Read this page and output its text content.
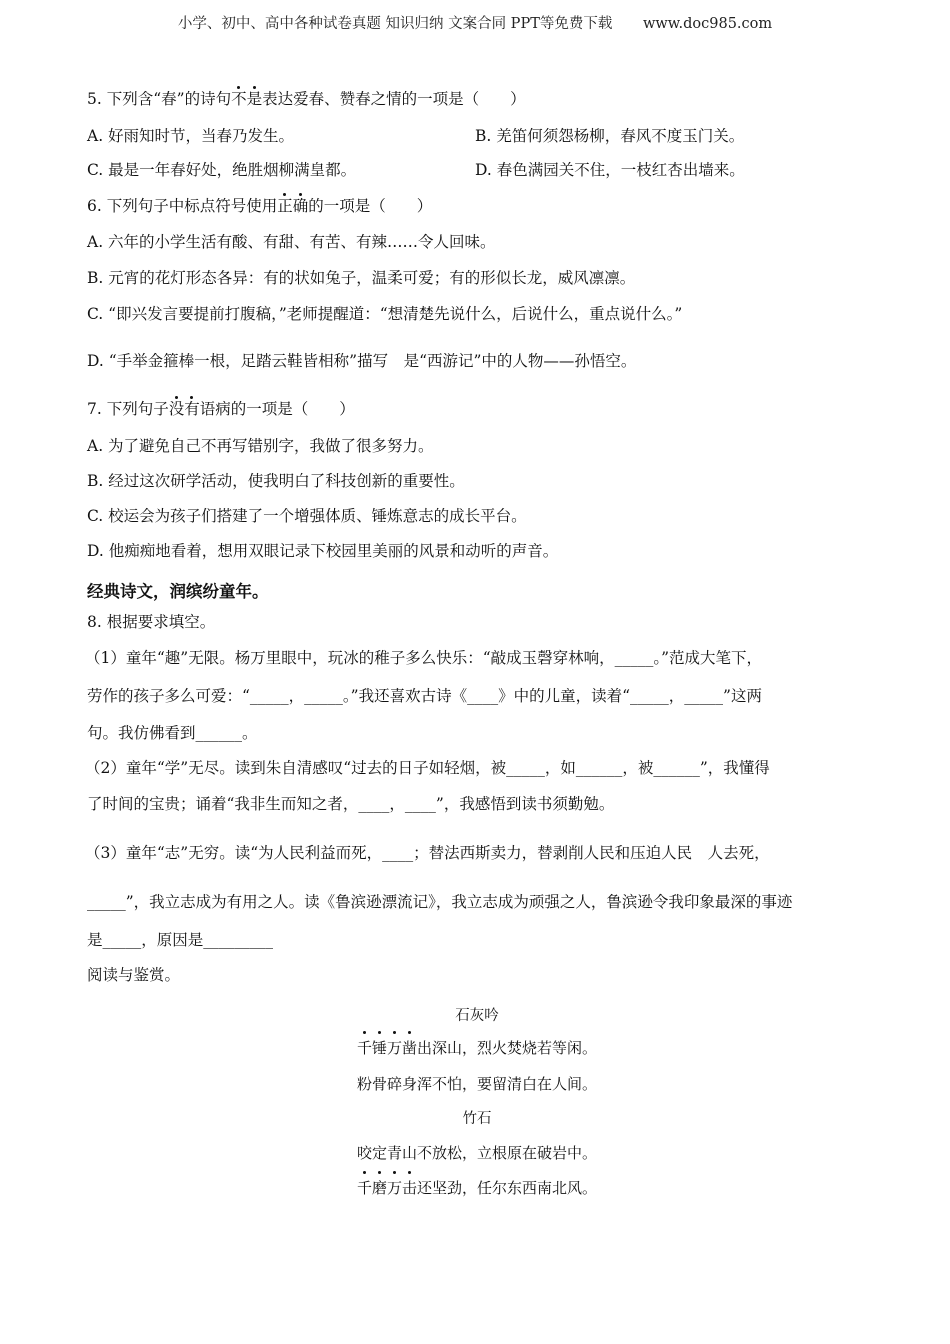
小学、初中、高中各种试卷真题 知识归纳 文案合同 PPT等免费下载 www.doc985.com
5. 下列含“春”的诗句不是表达爱春、赞春之情的一项是（　　）
A. 好雨知时节，当春乃发生。	B. 羌笛何须怨杨柳，春风不度玉门关。
C. 最是一年春好处，绝胜烟柳满皇都。	D. 春色满园关不住，一枝红杏出墙来。
6. 下列句子中标点符号使用正确的一项是（　　）
A. 六年的小学生活有酸、有甜、有苦、有辣……令人回味。
B. 元宵的花灯形态各异：有的状如兔子，温柔可爱；有的形似长龙，威风凛凛。
C. “即兴发言要提前打腹稿，”老师提醒道：“想清楚先说什么，后说什么，重点说什么。”
D. “手举金箍棒一根，足踏云鞋皆相称”描写　是“西游记”中的人物——孙悟空。
7. 下列句子没有语病的一项是（　　）
A. 为了避免自己不再写错别字，我做了很多努力。
B. 经过这次研学活动，使我明白了科技创新的重要性。
C. 校运会为孩子们搭建了一个增强体质、锤炼意志的成长平台。
D. 他痴痴地看着，想用双眼记录下校园里美丽的风景和动听的声音。
经典诗文，润缤纷童年。
8. 根据要求填空。
（1）童年“趣”无限。杨万里眼中，玩冰的稚子多么快乐：“敲成玉磬穿林响，_____。”范成大笔下，
劳作的孩子多么可爱：“_____，_____。”我还喜欢古诗《____》中的儿童，读着“_____，_____”这两
句。我仿佛看到______。
（2）童年“学”无尽。读到朱自清感叹“过去的日子如轻烟，被_____，如______，被______”，我懂得
了时间的宝贵；诵着“我非生而知之者，____，____”，我感悟到读书须勤勉。
（3）童年“志”无穷。读“为人民利益而死，____；替法西斯卖力，替剥削人民和压迫人民　人去死，
_____”，我立志成为有用之人。读《鲁滨逊漂流记》，我立志成为顽强之人，鲁滨逊令我印象最深的事迹
是_____，原因是_________
阅读与鉴赏。
石灰吟
千锤万凿出深山，烈火焚烧若等闲。
粉骨碎身浑不怕，要留清白在人间。
竹石
咬定青山不放松，立根原在破岩中。
千磨万击还坚劲，任尔东西南北风。
